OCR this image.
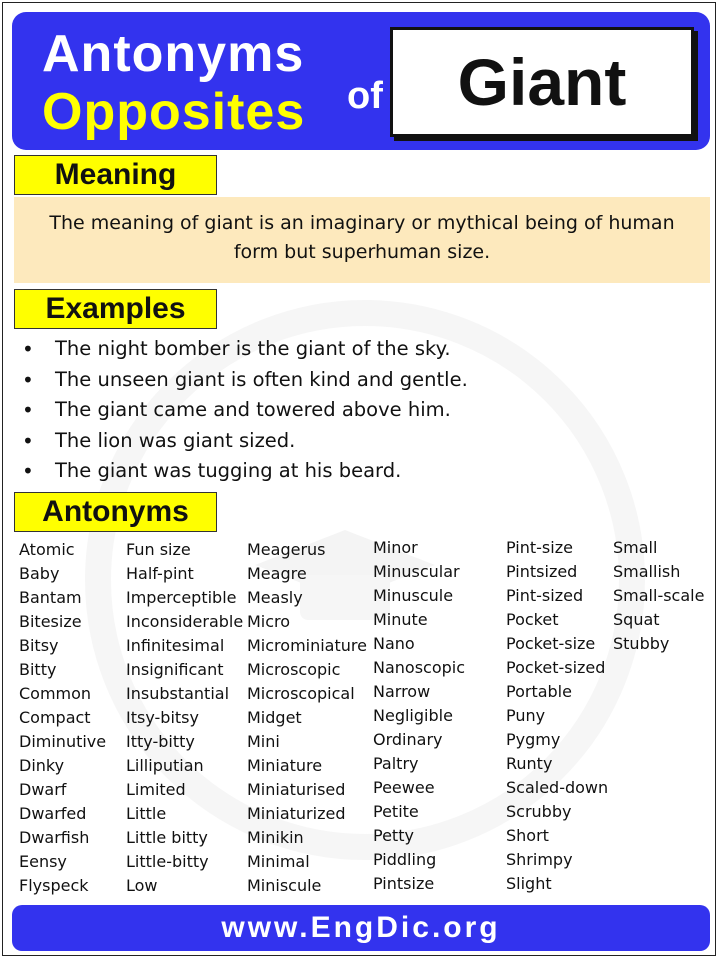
Antonyms
Opposites of Giant
Meaning
The meaning of giant is an imaginary or mythical being of human form but superhuman size.
Examples
• The night bomber is the giant of the sky.
• The unseen giant is often kind and gentle.
• The giant came and towered above him.
• The lion was giant sized.
• The giant was tugging at his beard.
Antonyms
Atomic
Baby
Bantam
Bitesize
Bitsy
Bitty
Common
Compact
Diminutive
Dinky
Dwarf
Dwarfed
Dwarfish
Eensy
Flyspeck
Fun size
Half-pint
Imperceptible
Inconsiderable
Infinitesimal
Insignificant
Insubstantial
Itsy-bitsy
Itty-bitty
Lilliputian
Limited
Little
Little bitty
Little-bitty
Low
Meagerus
Meagre
Measly
Micro
Microminiature
Microscopic
Microscopical
Midget
Mini
Miniature
Miniaturised
Miniaturized
Minikin
Minimal
Miniscule
Minor
Minuscular
Minuscule
Minute
Nano
Nanoscopic
Narrow
Negligible
Ordinary
Paltry
Peewee
Petite
Petty
Piddling
Pintsize
Pint-size
Pintsized
Pint-sized
Pocket
Pocket-size
Pocket-sized
Portable
Puny
Pygmy
Runty
Scaled-down
Scrubby
Short
Shrimpy
Slight
Small
Smallish
Small-scale
Squat
Stubby
www.EngDic.org
